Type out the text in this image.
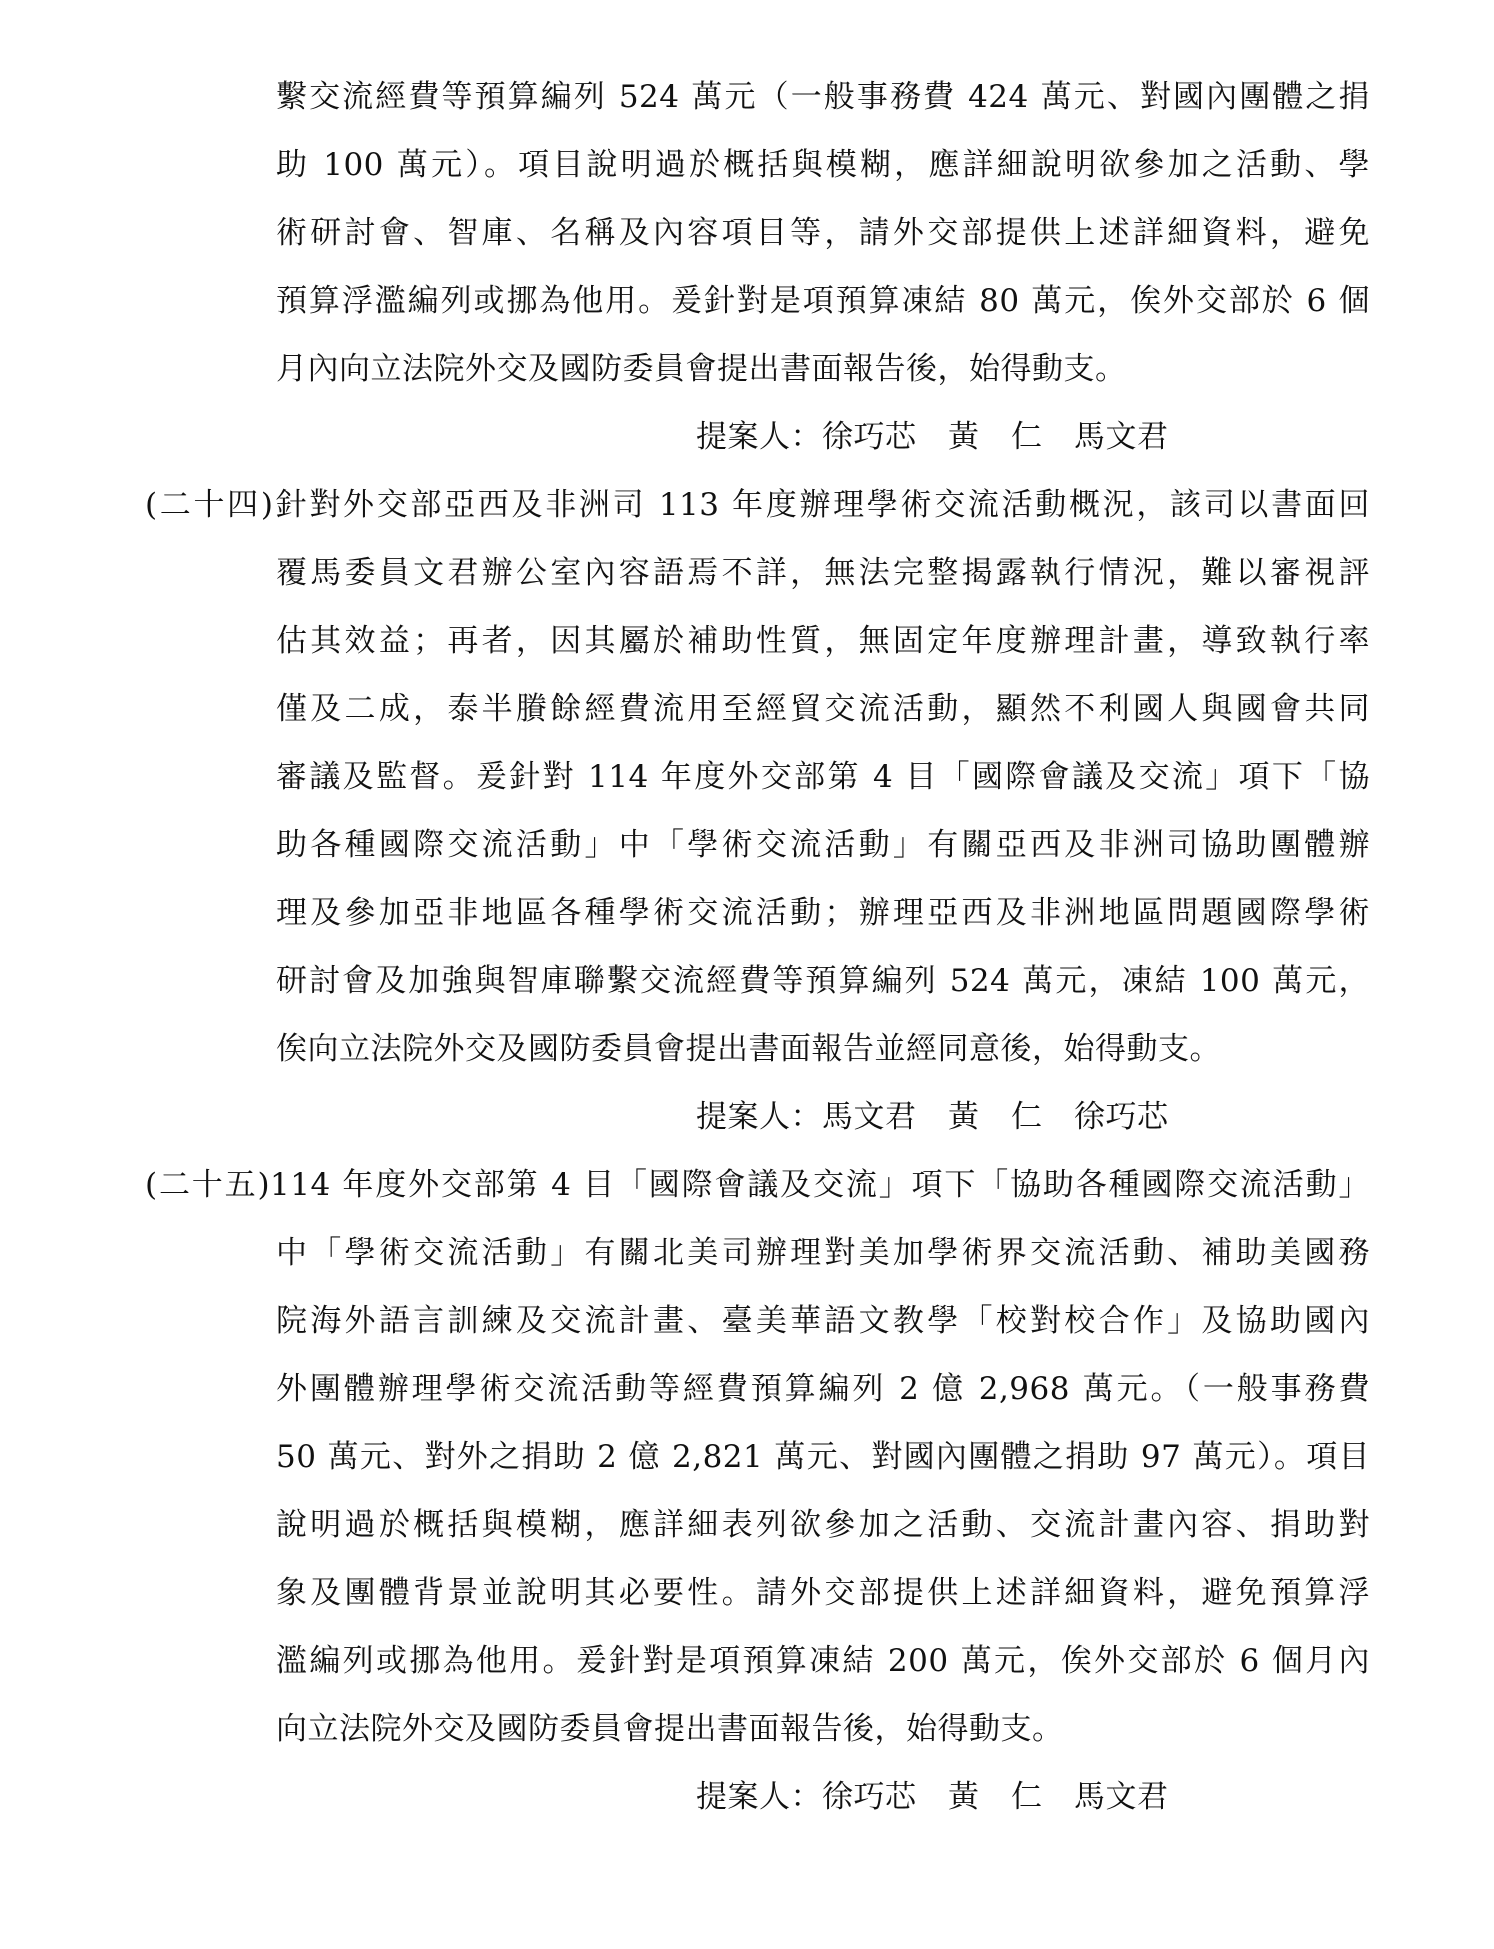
繫交流經費等預算編列 524 萬元（一般事務費 424 萬元、對國內團體之捐
助 100 萬元）。項目說明過於概括與模糊，應詳細說明欲參加之活動、學
術研討會、智庫、名稱及內容項目等，請外交部提供上述詳細資料，避免
預算浮濫編列或挪為他用。爰針對是項預算凍結 80 萬元，俟外交部於 6 個
月內向立法院外交及國防委員會提出書面報告後，始得動支。
提案人：徐巧芯　黃　仁　馬文君
(二十四)針對外交部亞西及非洲司 113 年度辦理學術交流活動概況，該司以書面回
覆馬委員文君辦公室內容語焉不詳，無法完整揭露執行情況，難以審視評
估其效益；再者，因其屬於補助性質，無固定年度辦理計畫，導致執行率
僅及二成，泰半賸餘經費流用至經貿交流活動，顯然不利國人與國會共同
審議及監督。爰針對 114 年度外交部第 4 目「國際會議及交流」項下「協
助各種國際交流活動」中「學術交流活動」有關亞西及非洲司協助團體辦
理及參加亞非地區各種學術交流活動；辦理亞西及非洲地區問題國際學術
研討會及加強與智庫聯繫交流經費等預算編列 524 萬元，凍結 100 萬元，
俟向立法院外交及國防委員會提出書面報告並經同意後，始得動支。
提案人：馬文君　黃　仁　徐巧芯
(二十五)114 年度外交部第 4 目「國際會議及交流」項下「協助各種國際交流活動」
中「學術交流活動」有關北美司辦理對美加學術界交流活動、補助美國務
院海外語言訓練及交流計畫、臺美華語文教學「校對校合作」及協助國內
外團體辦理學術交流活動等經費預算編列 2 億 2,968 萬元。（一般事務費
50 萬元、對外之捐助 2 億 2,821 萬元、對國內團體之捐助 97 萬元）。項目
說明過於概括與模糊，應詳細表列欲參加之活動、交流計畫內容、捐助對
象及團體背景並說明其必要性。請外交部提供上述詳細資料，避免預算浮
濫編列或挪為他用。爰針對是項預算凍結 200 萬元，俟外交部於 6 個月內
向立法院外交及國防委員會提出書面報告後，始得動支。
提案人：徐巧芯　黃　仁　馬文君
